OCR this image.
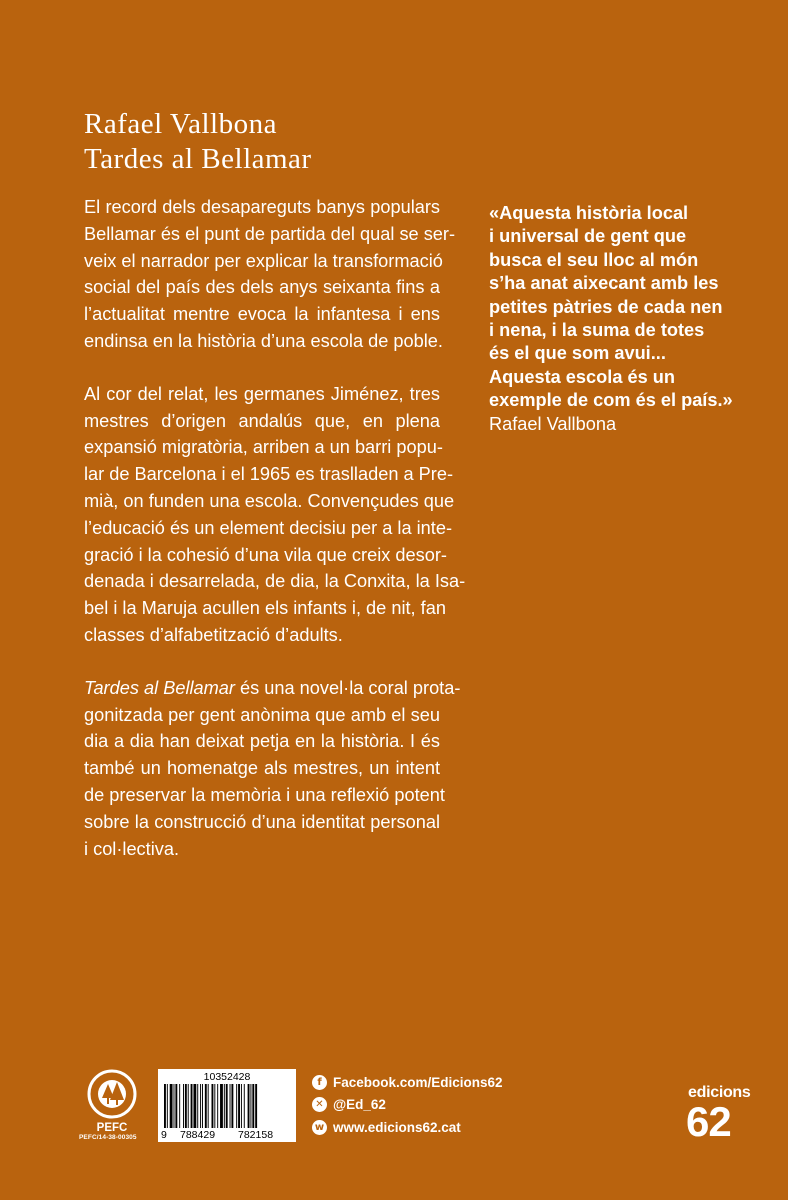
Rafael Vallbona
Tardes al Bellamar

El record dels desapareguts banys populars
Bellamar és el punt de partida del qual se ser-
veix el narrador per explicar la transformació
social del país des dels anys seixanta fins a
l’actualitat mentre evoca la infantesa i ens
endinsa en la història d’una escola de poble.

Al cor del relat, les germanes Jiménez, tres
mestres d’origen andalús que, en plena
expansió migratòria, arriben a un barri popu-
lar de Barcelona i el 1965 es traslladen a Pre-
mià, on funden una escola. Convençudes que
l’educació és un element decisiu per a la inte-
gració i la cohesió d’una vila que creix desor-
denada i desarrelada, de dia, la Conxita, la Isa-
bel i la Maruja acullen els infants i, de nit, fan
classes d’alfabetització d’adults.

Tardes al Bellamar és una novel·la coral prota-
gonitzada per gent anònima que amb el seu
dia a dia han deixat petja en la història. I és
també un homenatge als mestres, un intent
de preservar la memòria i una reflexió potent
sobre la construcció d’una identitat personal
i col·lectiva.

«Aquesta història local
i universal de gent que
busca el seu lloc al món
s’ha anat aixecant amb les
petites pàtries de cada nen
i nena, i la suma de totes
és el que som avui...
Aquesta escola és un
exemple de com és el país.»
Rafael Vallbona
PEFC
PEFC/14-38-00305
10352428
9 788429 782158
f Facebook.com/Edicions62
✕ @Ed_62
w www.edicions62.cat
edicions
62
